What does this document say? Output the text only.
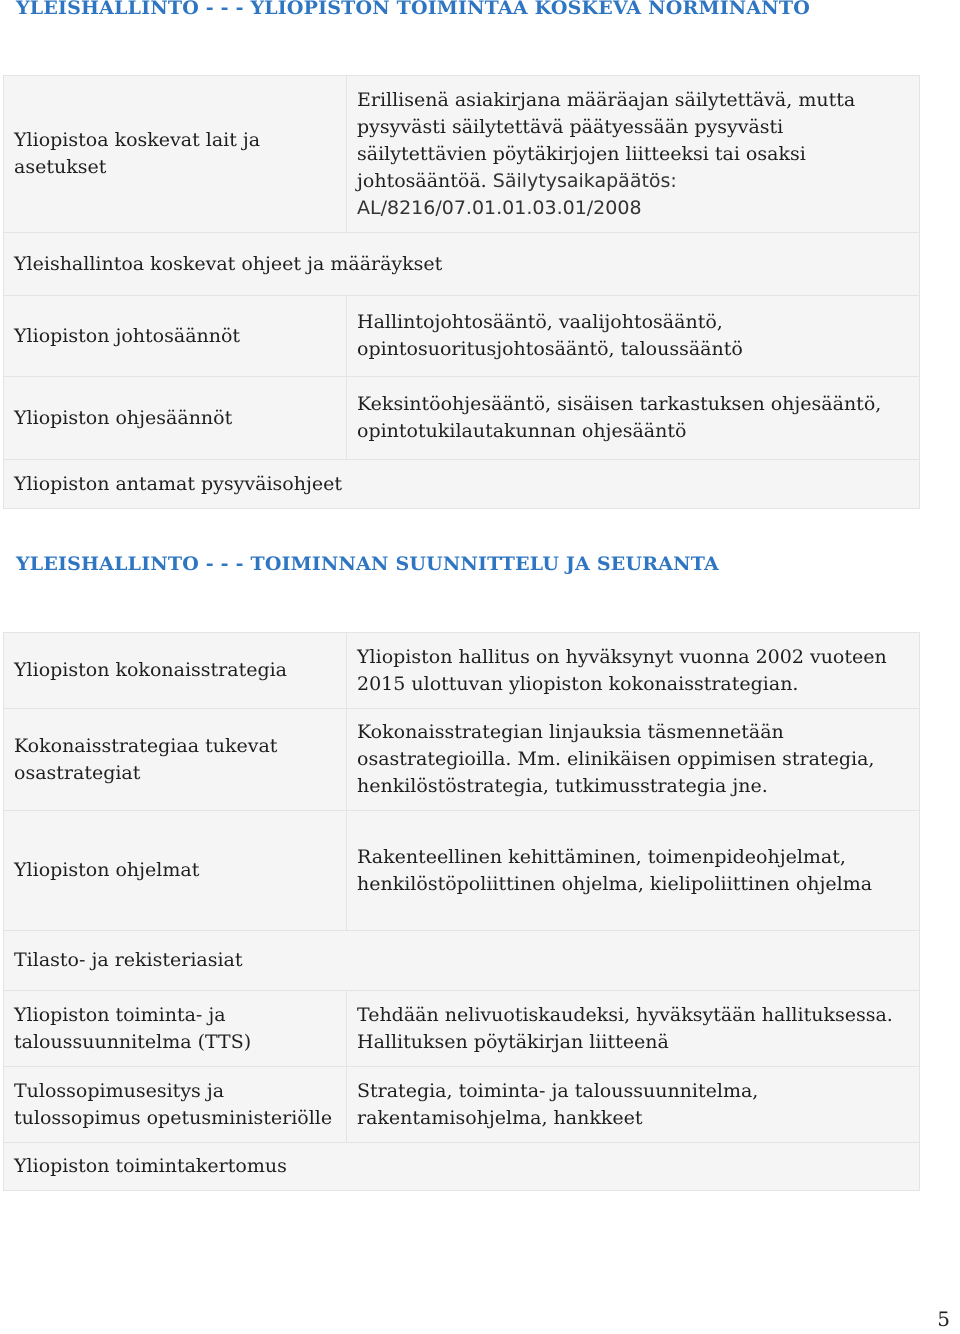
YLEISHALLINTO - - - YLIOPISTON TOIMINTAA KOSKEVA NORMINANTO
Yliopistoa koskevat lait ja asetukset	Erillisenä asiakirjana määräajan säilytettävä, mutta pysyvästi säilytettävä päätyessään pysyvästi säilytettävien pöytäkirjojen liitteeksi tai osaksi johtosääntöä. Säilytysaikapäätös: AL/8216/07.01.01.03.01/2008
Yleishallintoa koskevat ohjeet ja määräykset	
Yliopiston johtosäännöt	Hallintojohtosääntö, vaalijohtosääntö, opintosuoritusjohtosääntö, taloussääntö
Yliopiston ohjesäännöt	Keksintöohjesääntö, sisäisen tarkastuksen ohjesääntö, opintotukilautakunnan ohjesääntö
Yliopiston antamat pysyväisohjeet	
YLEISHALLINTO - - - TOIMINNAN SUUNNITTELU JA SEURANTA
Yliopiston kokonaisstrategia	Yliopiston hallitus on hyväksynyt vuonna 2002 vuoteen 2015 ulottuvan yliopiston kokonaisstrategian.
Kokonaisstrategiaa tukevat osastrategiat	Kokonaisstrategian linjauksia täsmennetään osastrategioilla. Mm. elinikäisen oppimisen strategia, henkilöstöstrategia, tutkimusstrategia jne.
Yliopiston ohjelmat	Rakenteellinen kehittäminen, toimenpideohjelmat, henkilöstöpoliittinen ohjelma, kielipoliittinen ohjelma
Tilasto- ja rekisteriasiat	
Yliopiston toiminta- ja taloussuunnitelma (TTS)	Tehdään nelivuotiskaudeksi, hyväksytään hallituksessa. Hallituksen pöytäkirjan liitteenä
Tulossopimusesitys ja tulossopimus opetusministeriölle	Strategia, toiminta- ja taloussuunnitelma, rakentamisohjelma, hankkeet
Yliopiston toimintakertomus	
5
